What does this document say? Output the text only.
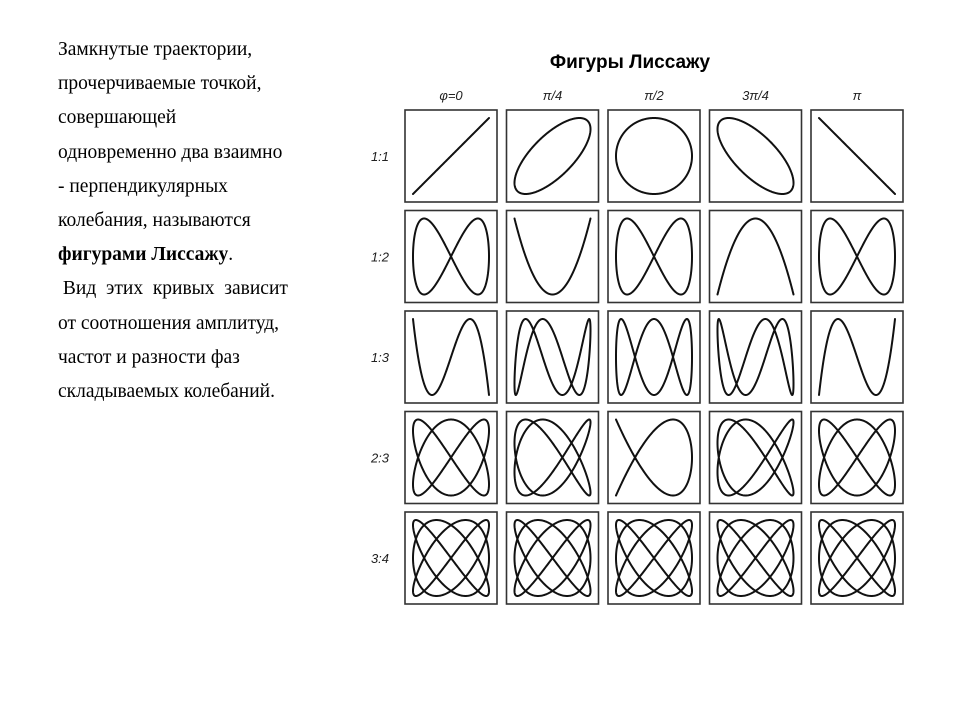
Замкнутые траектории,
прочерчиваемые точкой,
совершающей
одновременно два взаимно
- перпендикулярных
колебания, называются
фигурами Лиссажу.
Вид  этих  кривых  зависит
от соотношения амплитуд,
частот и разности фаз
складываемых колебаний.
Фигуры Лиссажу
φ=0	π/4	π/2	3π/4	π
1:1
1:2
1:3
2:3
3:4
